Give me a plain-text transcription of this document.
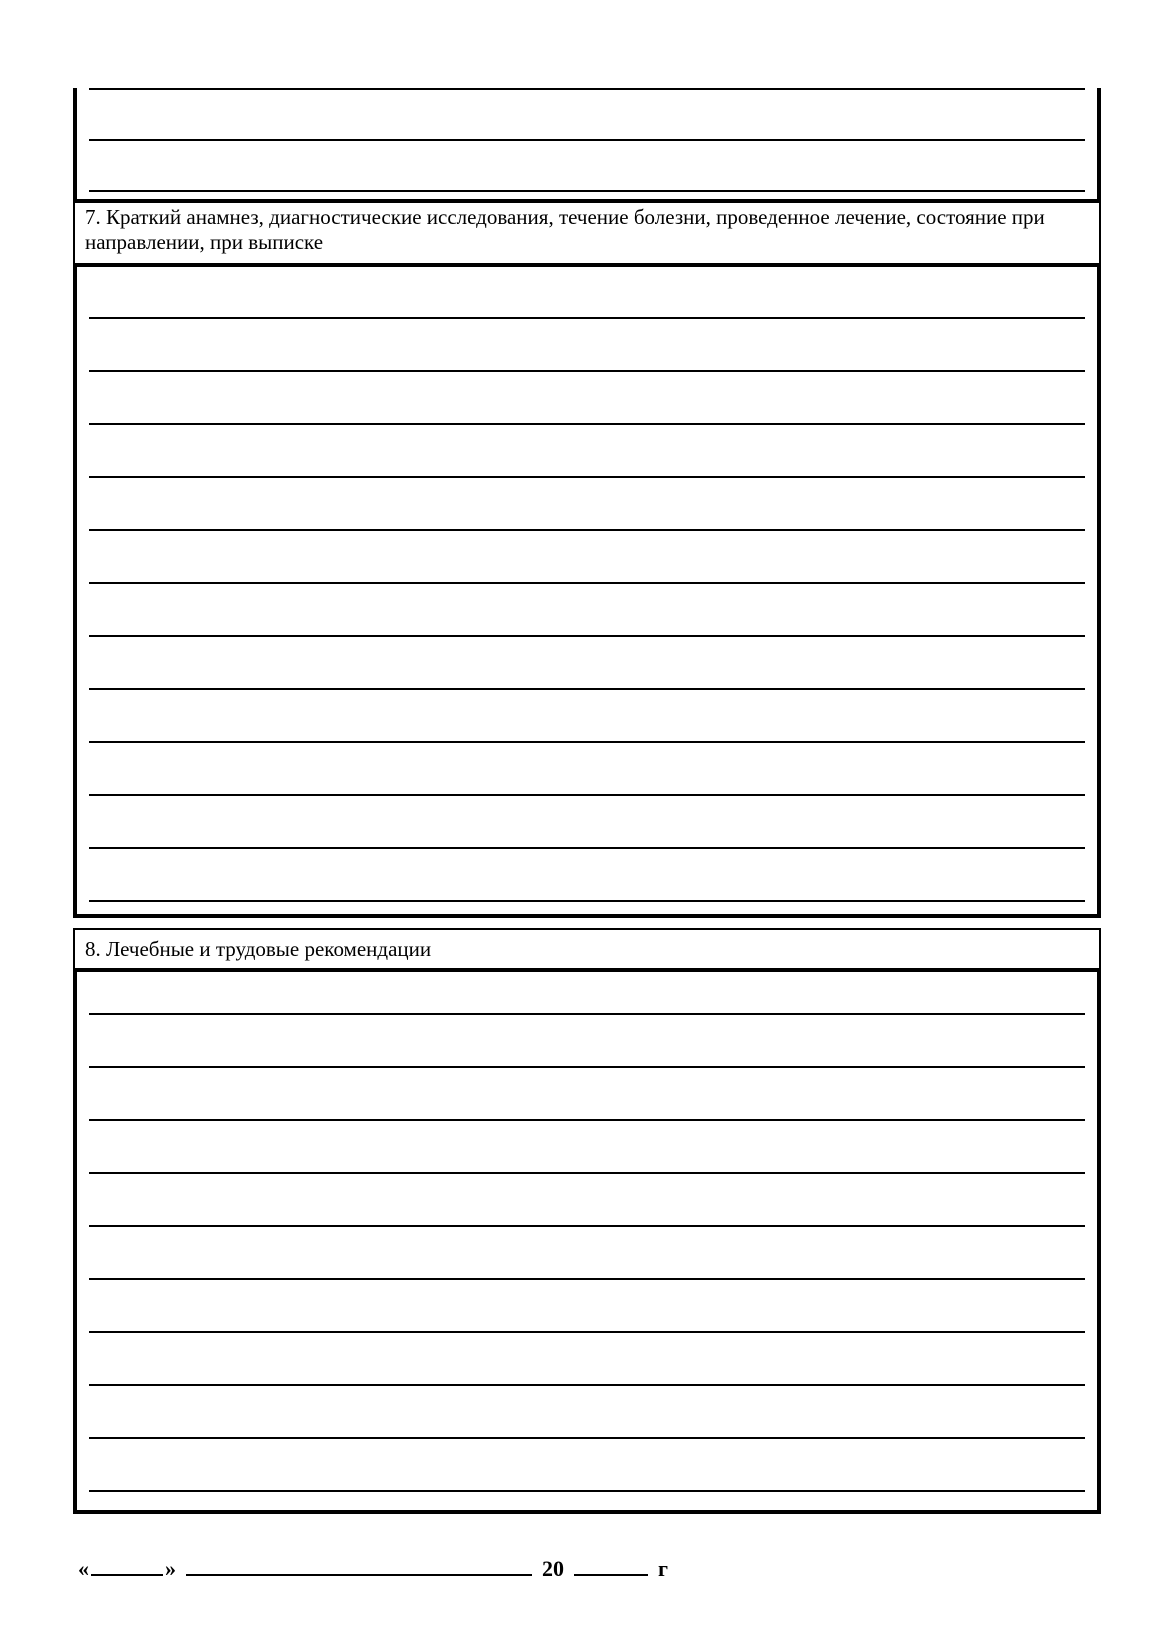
7. Краткий анамнез, диагностические исследования, течение болезни, проведенное лечение, состояние при направлении, при выписке
8. Лечебные и трудовые рекомендации
«	»	20	г
